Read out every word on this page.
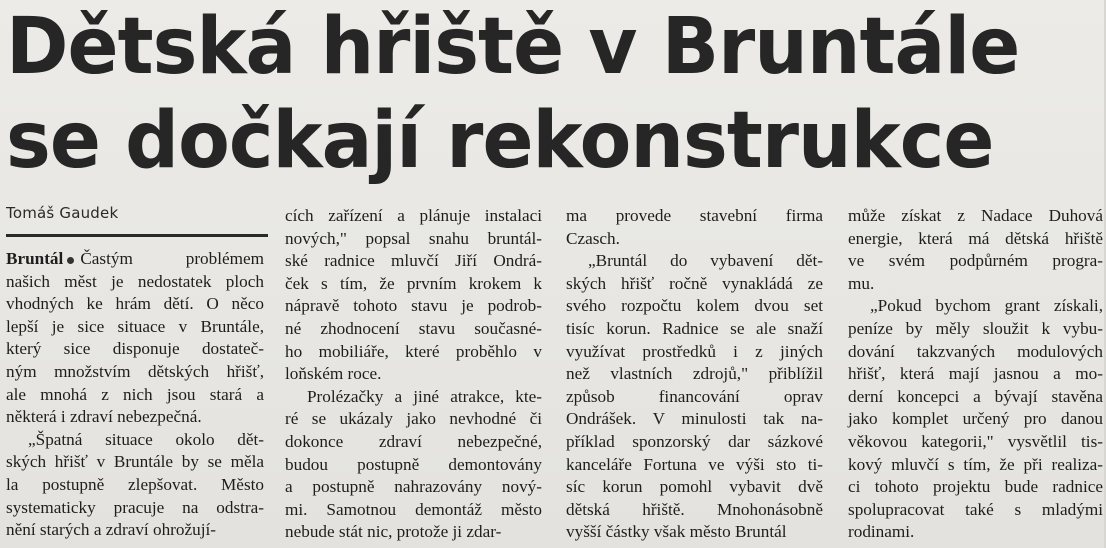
Dětská hřiště v Bruntále
se dočkají rekonstrukce
Tomáš Gaudek
Bruntál Častým problémem
našich měst je nedostatek ploch
vhodných ke hrám dětí. O něco
lepší je sice situace v Bruntále,
který sice disponuje dostateč-
ným množstvím dětských hřišť,
ale mnohá z nich jsou stará a
některá i zdraví nebezpečná.
„Špatná situace okolo dět-
ských hřišť v Bruntále by se měla
la postupně zlepšovat. Město
systematicky pracuje na odstra-
nění starých a zdraví ohrožují-
cích zařízení a plánuje instalaci
nových," popsal snahu bruntál-
ské radnice mluvčí Jiří Ondrá-
ček s tím, že prvním krokem k
nápravě tohoto stavu je podrob-
né zhodnocení stavu současné-
ho mobiliáře, které proběhlo v
loňském roce.
Prolézačky a jiné atrakce, kte-
ré se ukázaly jako nevhodné či
dokonce zdraví nebezpečné,
budou postupně demontovány
a postupně nahrazovány nový-
mi. Samotnou demontáž město
nebude stát nic, protože ji zdar-
ma provede stavební firma
Czasch.
„Bruntál do vybavení dět-
ských hřišť ročně vynakládá ze
svého rozpočtu kolem dvou set
tisíc korun. Radnice se ale snaží
využívat prostředků i z jiných
než vlastních zdrojů," přiblížil
způsob financování oprav
Ondrášek. V minulosti tak na-
příklad sponzorský dar sázkové
kanceláře Fortuna ve výši sto ti-
síc korun pomohl vybavit dvě
dětská hřiště. Mnohonásobně
vyšší částky však město Bruntál
může získat z Nadace Duhová
energie, která má dětská hřiště
ve svém podpůrném progra-
mu.
„Pokud bychom grant získali,
peníze by měly sloužit k vybu-
dování takzvaných modulových
hřišť, která mají jasnou a mo-
derní koncepci a bývají stavěna
jako komplet určený pro danou
věkovou kategorii," vysvětlil tis-
kový mluvčí s tím, že při realiza-
ci tohoto projektu bude radnice
spolupracovat také s mladými
rodinami.
